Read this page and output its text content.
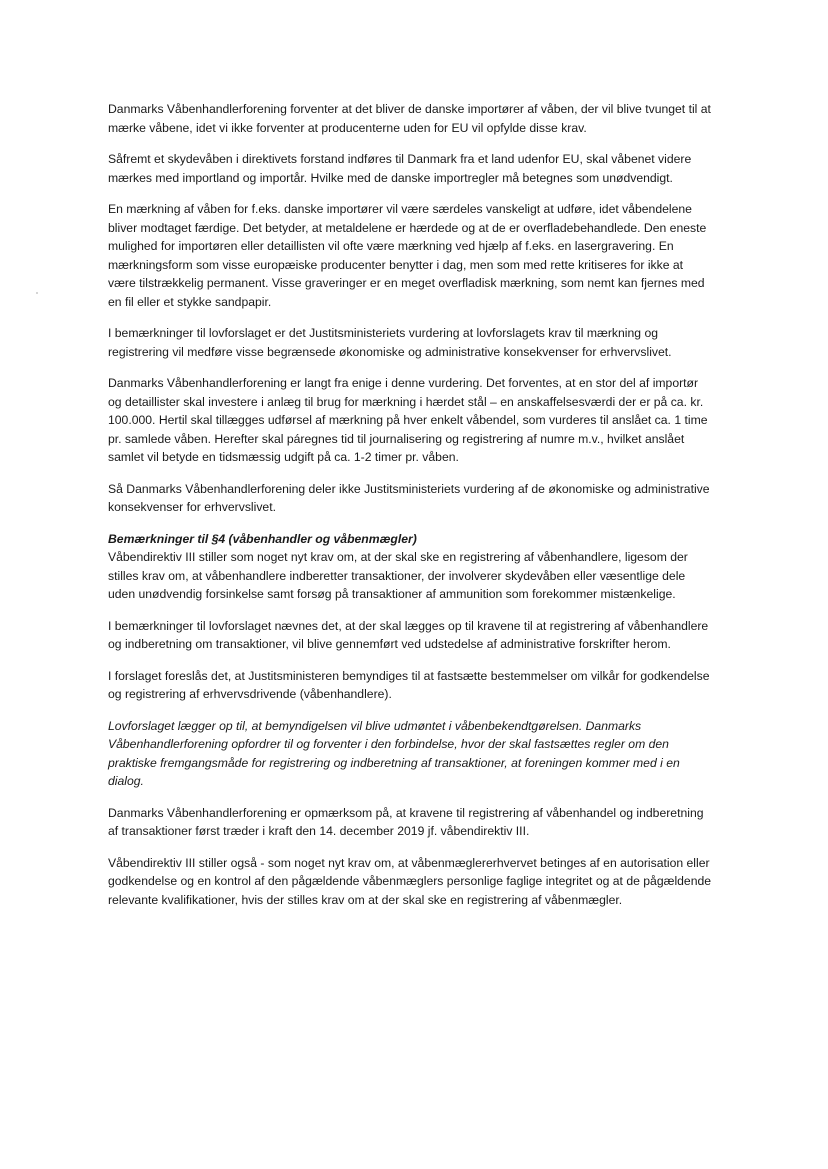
Danmarks Våbenhandlerforening forventer at det bliver de danske importører af våben, der vil blive tvunget til at mærke våbene, idet vi ikke forventer at producenterne uden for EU vil opfylde disse krav.

Såfremt et skydevåben i direktivets forstand indføres til Danmark fra et land udenfor EU, skal våbenet videre mærkes med importland og importår. Hvilke med de danske importregler må betegnes som unødvendigt.

En mærkning af våben for f.eks. danske importører vil være særdeles vanskeligt at udføre, idet våbendelene bliver modtaget færdige. Det betyder, at metaldelene er hærdede og at de er overfladebehandlede. Den eneste mulighed for importøren eller detaillisten vil ofte være mærkning ved hjælp af f.eks. en lasergravering. En mærkningsform som visse europæiske producenter benytter i dag, men som med rette kritiseres for ikke at være tilstrækkelig permanent. Visse graveringer er en meget overfladisk mærkning, som nemt kan fjernes med en fil eller et stykke sandpapir.

I bemærkninger til lovforslaget er det Justitsministeriets vurdering at lovforslagets krav til mærkning og registrering vil medføre visse begrænsede økonomiske og administrative konsekvenser for erhvervslivet.

Danmarks Våbenhandlerforening er langt fra enige i denne vurdering. Det forventes, at en stor del af importør og detaillister skal investere i anlæg til brug for mærkning i hærdet stål – en anskaffelsesværdi der er på ca. kr. 100.000. Hertil skal tillægges udførsel af mærkning på hver enkelt våbendel, som vurderes til anslået ca. 1 time pr. samlede våben. Herefter skal páregnes tid til journalisering og registrering af numre m.v., hvilket anslået samlet vil betyde en tidsmæssig udgift på ca. 1-2 timer pr. våben.

Så Danmarks Våbenhandlerforening deler ikke Justitsministeriets vurdering af de økonomiske og administrative konsekvenser for erhvervslivet.

Bemærkninger til §4 (våbenhandler og våbenmægler)

Våbendirektiv III stiller som noget nyt krav om, at der skal ske en registrering af våbenhandlere, ligesom der stilles krav om, at våbenhandlere indberetter transaktioner, der involverer skydevåben eller væsentlige dele uden unødvendig forsinkelse samt forsøg på transaktioner af ammunition som forekommer mistænkelige.

I bemærkninger til lovforslaget nævnes det, at der skal lægges op til kravene til at registrering af våbenhandlere og indberetning om transaktioner, vil blive gennemført ved udstedelse af administrative forskrifter herom.

I forslaget foreslås det, at Justitsministeren bemyndiges til at fastsætte bestemmelser om vilkår for godkendelse og registrering af erhvervsdrivende (våbenhandlere).

Lovforslaget lægger op til, at bemyndigelsen vil blive udmøntet i våbenbekendtgørelsen. Danmarks Våbenhandlerforening opfordrer til og forventer i den forbindelse, hvor der skal fastsættes regler om den praktiske fremgangsmåde for registrering og indberetning af transaktioner, at foreningen kommer med i en dialog.

Danmarks Våbenhandlerforening er opmærksom på, at kravene til registrering af våbenhandel og indberetning af transaktioner først træder i kraft den 14. december 2019 jf. våbendirektiv III.

Våbendirektiv III stiller også - som noget nyt krav om, at våbenmæglererhvervet betinges af en autorisation eller godkendelse og en kontrol af den pågældende våbenmæglers personlige faglige integritet og at de pågældende relevante kvalifikationer, hvis der stilles krav om at der skal ske en registrering af våbenmægler.
